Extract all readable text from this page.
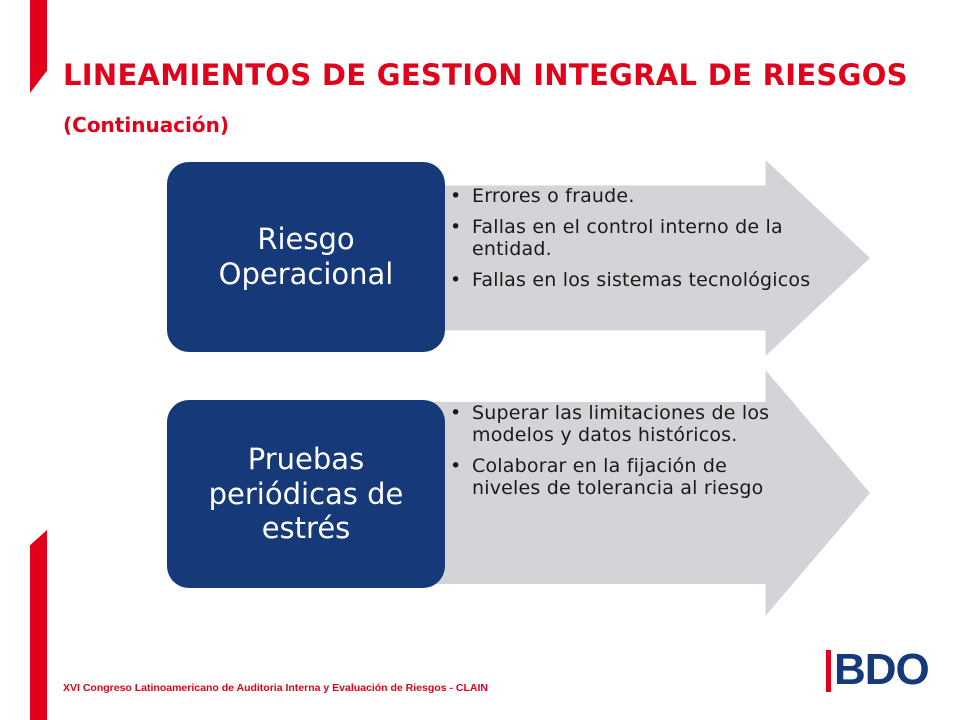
LINEAMIENTOS DE GESTION INTEGRAL DE RIESGOS
(Continuación)
Riesgo Operacional
• Errores o fraude.
• Fallas en el control interno de la entidad.
• Fallas en los sistemas tecnológicos
Pruebas periódicas de estrés
• Superar las limitaciones de los modelos y datos históricos.
• Colaborar en la fijación de niveles de tolerancia al riesgo
XVI Congreso Latinoamericano de Auditoria Interna y Evaluación de Riesgos - CLAIN	BDO
